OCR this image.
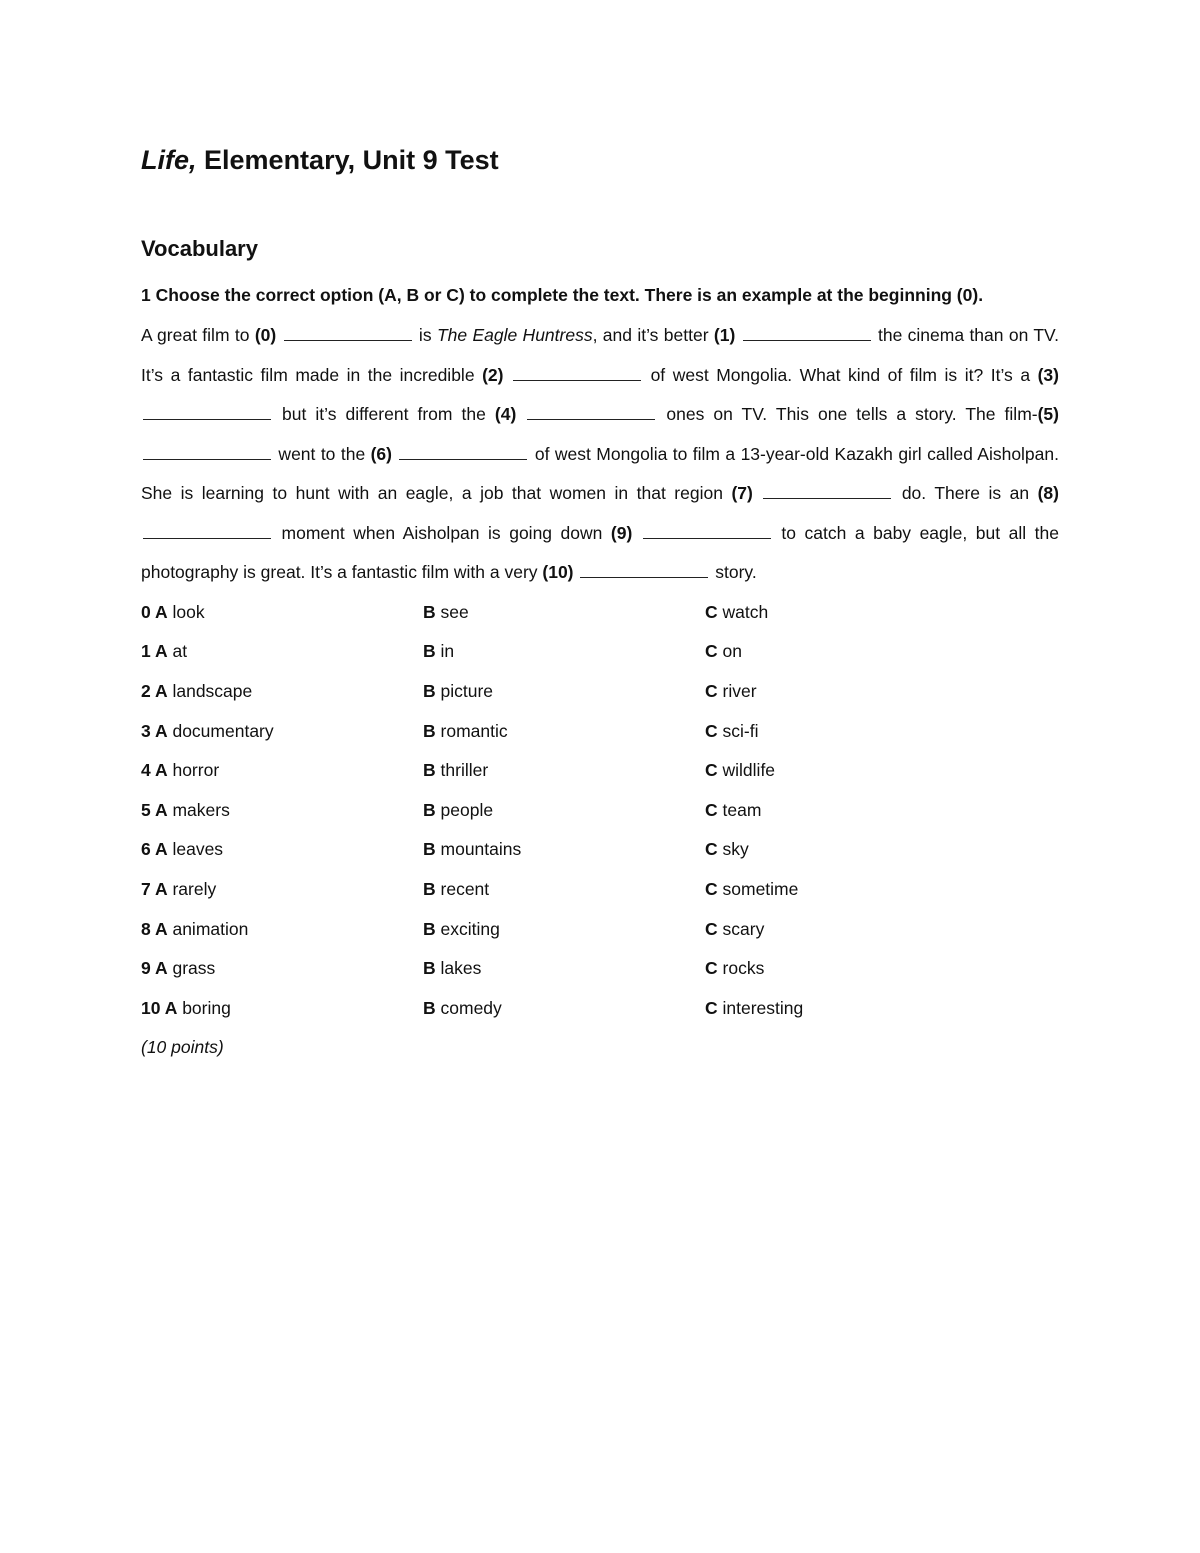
Life, Elementary, Unit 9 Test
Vocabulary

1 Choose the correct option (A, B or C) to complete the text. There is an example at the beginning (0).

A great film to (0)	is The Eagle Huntress, and it’s better (1)	the cinema than on TV. It’s a fantastic film made in the incredible (2)	of west Mongolia. What kind of film is it? It’s a (3)  but it’s different from the (4)	ones on TV. This one tells a story. The film-(5)  went to the (6)	of west Mongolia to film a 13-year-old Kazakh girl called Aisholpan. She is learning to hunt with an eagle, a job that women in that region (7)	do. There is an (8)  moment when Aisholpan is going down (9)	to catch a baby eagle, but all the photography is great. It’s a fantastic film with a very (10)	story.

0 A look	B see	C watch
1 A at	B in	C on
2 A landscape	B picture	C river
3 A documentary	B romantic	C sci-fi
4 A horror	B thriller	C wildlife
5 A makers	B people	C team
6 A leaves	B mountains	C sky
7 A rarely	B recent	C sometime
8 A animation	B exciting	C scary
9 A grass	B lakes	C rocks
10 A boring	B comedy	C interesting
(10 points)
